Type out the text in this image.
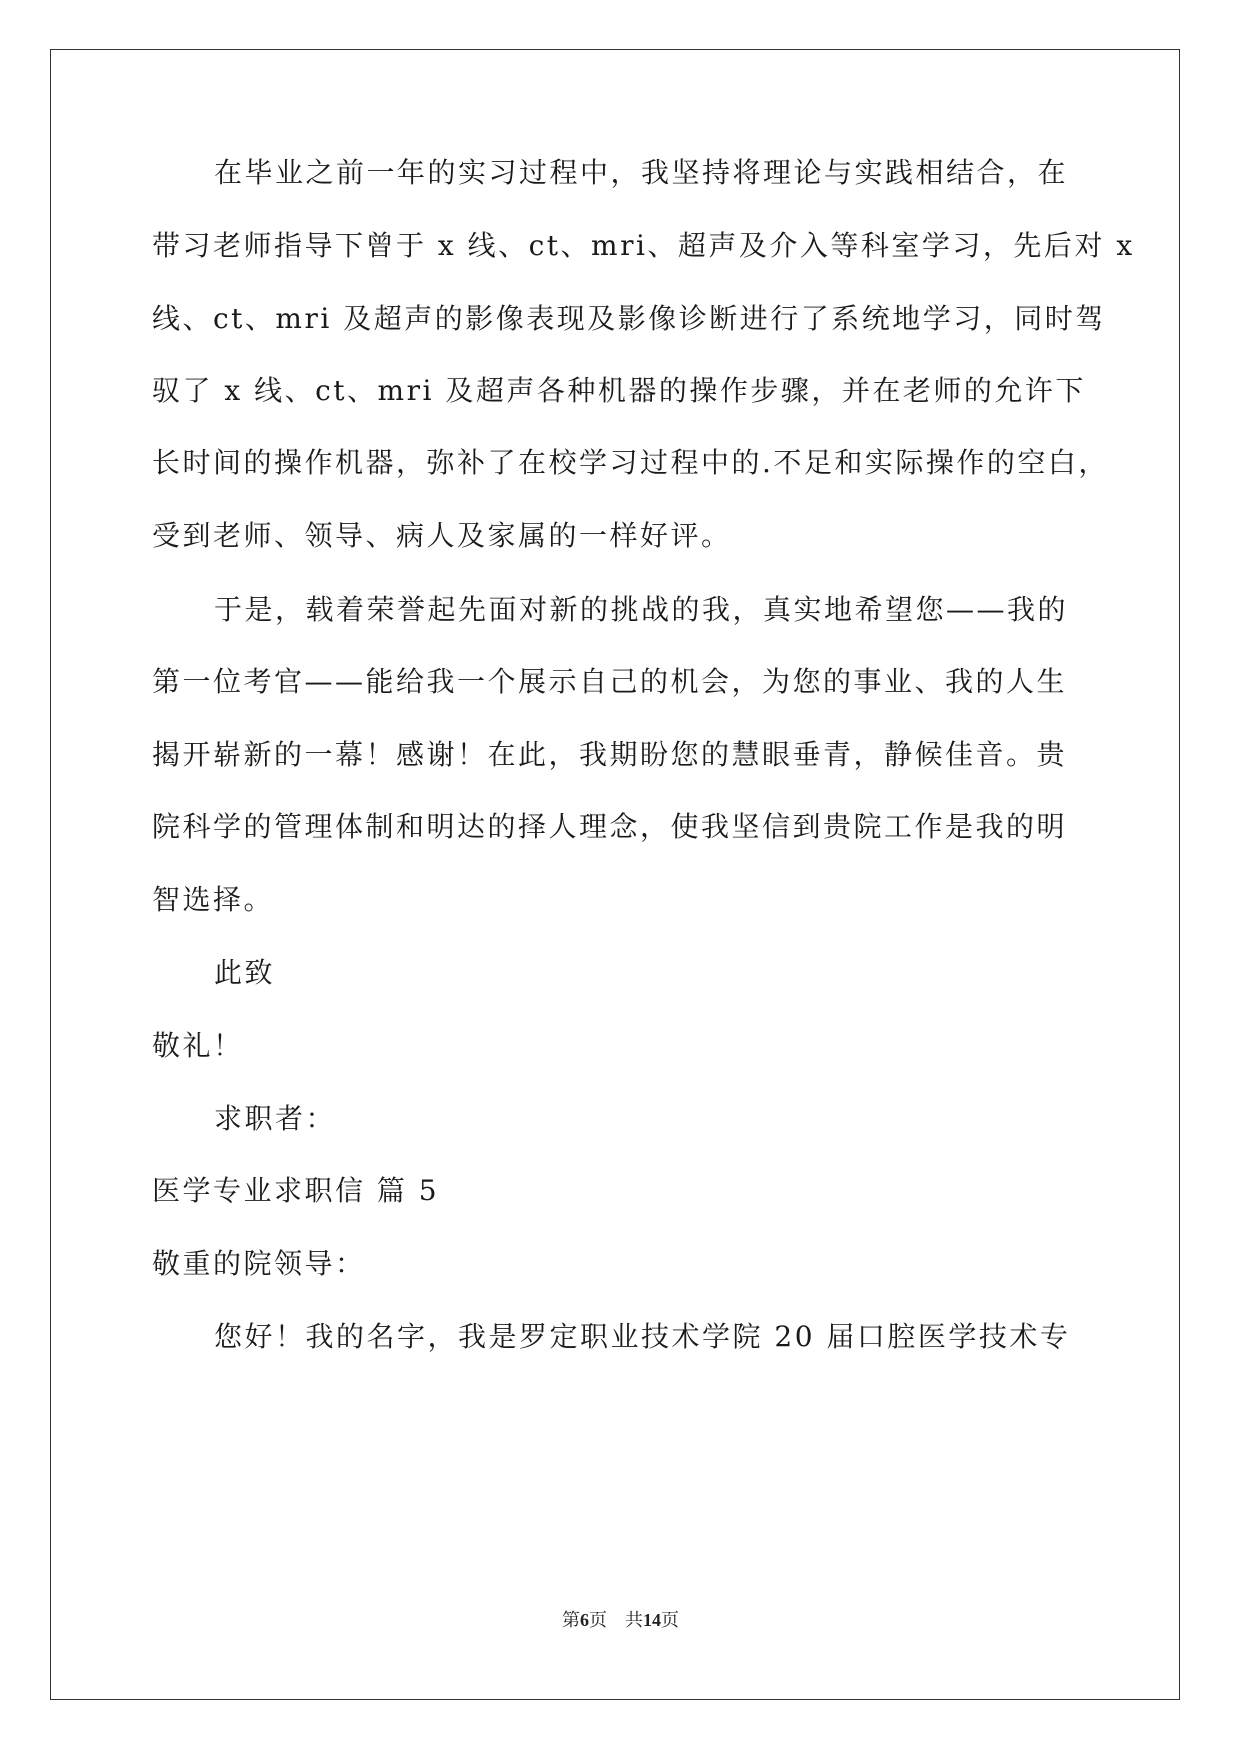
在毕业之前一年的实习过程中，我坚持将理论与实践相结合，在
带习老师指导下曾于 x 线、ct、mri、超声及介入等科室学习，先后对 x
线、ct、mri 及超声的影像表现及影像诊断进行了系统地学习，同时驾
驭了 x 线、ct、mri 及超声各种机器的操作步骤，并在老师的允许下
长时间的操作机器，弥补了在校学习过程中的.不足和实际操作的空白，
受到老师、领导、病人及家属的一样好评。
于是，载着荣誉起先面对新的挑战的我，真实地希望您——我的
第一位考官——能给我一个展示自己的机会，为您的事业、我的人生
揭开崭新的一幕！感谢！在此，我期盼您的慧眼垂青，静候佳音。贵
院科学的管理体制和明达的择人理念，使我坚信到贵院工作是我的明
智选择。
此致
敬礼！
求职者：
医学专业求职信 篇 5
敬重的院领导：
您好！我的名字，我是罗定职业技术学院 20 届口腔医学技术专
第6页 共14页
